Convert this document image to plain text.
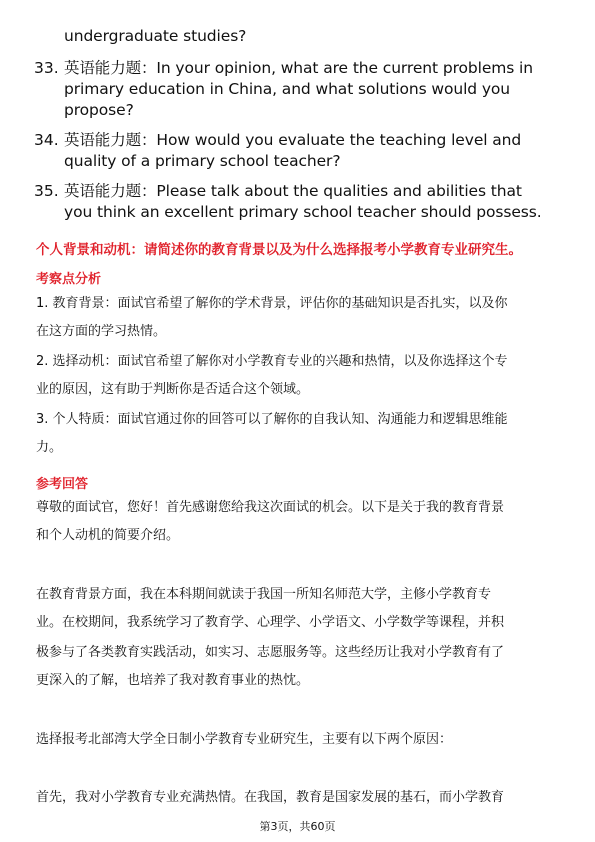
undergraduate studies?
33. 英语能力题：In your opinion, what are the current problems in
primary education in China, and what solutions would you
propose?
34. 英语能力题：How would you evaluate the teaching level and
quality of a primary school teacher?
35. 英语能力题：Please talk about the qualities and abilities that
you think an excellent primary school teacher should possess.
个人背景和动机：请简述你的教育背景以及为什么选择报考小学教育专业研究生。
考察点分析
1. 教育背景：面试官希望了解你的学术背景，评估你的基础知识是否扎实，以及你
在这方面的学习热情。
2. 选择动机：面试官希望了解你对小学教育专业的兴趣和热情，以及你选择这个专
业的原因，这有助于判断你是否适合这个领域。
3. 个人特质：面试官通过你的回答可以了解你的自我认知、沟通能力和逻辑思维能
力。
参考回答
尊敬的面试官，您好！首先感谢您给我这次面试的机会。以下是关于我的教育背景
和个人动机的简要介绍。
在教育背景方面，我在本科期间就读于我国一所知名师范大学，主修小学教育专
业。在校期间，我系统学习了教育学、心理学、小学语文、小学数学等课程，并积
极参与了各类教育实践活动，如实习、志愿服务等。这些经历让我对小学教育有了
更深入的了解，也培养了我对教育事业的热忱。
选择报考北部湾大学全日制小学教育专业研究生，主要有以下两个原因：
首先，我对小学教育专业充满热情。在我国，教育是国家发展的基石，而小学教育
第3页，共60页
